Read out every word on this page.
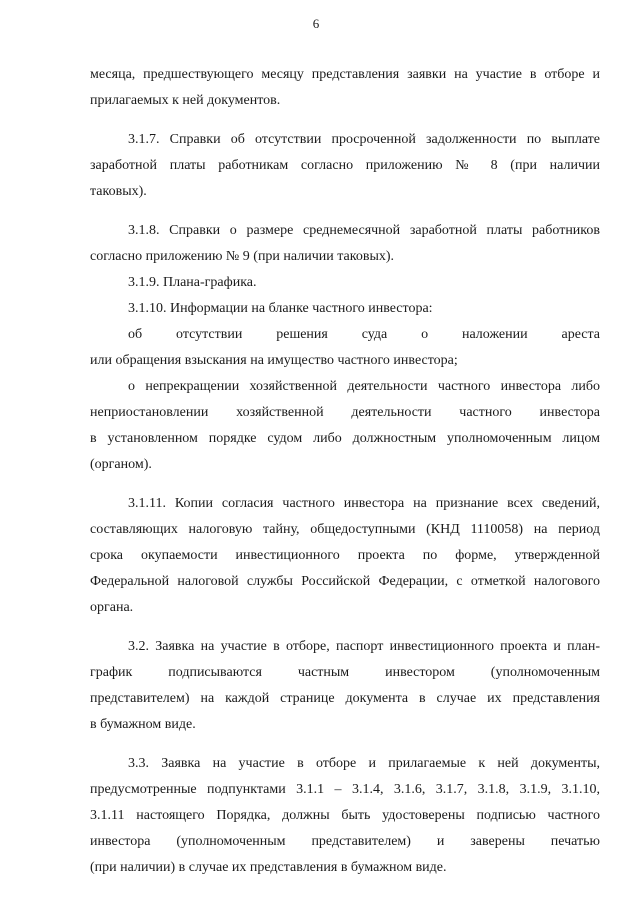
6
месяца, предшествующего месяцу представления заявки на участие в отборе и
прилагаемых к ней документов.
3.1.7. Справки об отсутствии просроченной задолженности по выплате
заработной платы работникам согласно приложению № 8 (при наличии
таковых).
3.1.8. Справки о размере среднемесячной заработной платы работников
согласно приложению № 9 (при наличии таковых).
3.1.9. Плана-графика.
3.1.10. Информации на бланке частного инвестора:
об отсутствии решения суда о наложении ареста
или обращения взыскания на имущество частного инвестора;
о непрекращении хозяйственной деятельности частного инвестора либо
неприостановлении хозяйственной деятельности частного инвестора
в установленном порядке судом либо должностным уполномоченным лицом
(органом).
3.1.11. Копии согласия частного инвестора на признание всех сведений,
составляющих налоговую тайну, общедоступными (КНД 1110058) на период
срока окупаемости инвестиционного проекта по форме, утвержденной
Федеральной налоговой службы Российской Федерации, с отметкой налогового
органа.
3.2. Заявка на участие в отборе, паспорт инвестиционного проекта и план-
график подписываются частным инвестором (уполномоченным
представителем) на каждой странице документа в случае их представления
в бумажном виде.
3.3. Заявка на участие в отборе и прилагаемые к ней документы,
предусмотренные подпунктами 3.1.1 – 3.1.4, 3.1.6, 3.1.7, 3.1.8, 3.1.9, 3.1.10,
3.1.11 настоящего Порядка, должны быть удостоверены подписью частного
инвестора (уполномоченным представителем) и заверены печатью
(при наличии) в случае их представления в бумажном виде.
